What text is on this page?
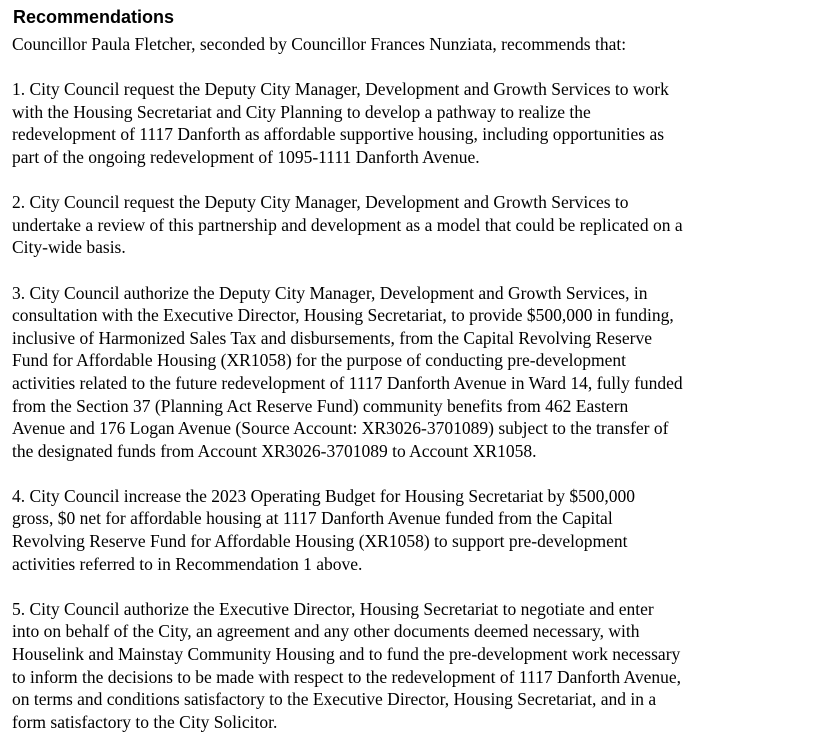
Recommendations

Councillor Paula Fletcher, seconded by Councillor Frances Nunziata, recommends that:

1. City Council request the Deputy City Manager, Development and Growth Services to work
with the Housing Secretariat and City Planning to develop a pathway to realize the
redevelopment of 1117 Danforth as affordable supportive housing, including opportunities as
part of the ongoing redevelopment of 1095-1111 Danforth Avenue.

2. City Council request the Deputy City Manager, Development and Growth Services to
undertake a review of this partnership and development as a model that could be replicated on a
City-wide basis.

3. City Council authorize the Deputy City Manager, Development and Growth Services, in
consultation with the Executive Director, Housing Secretariat, to provide $500,000 in funding,
inclusive of Harmonized Sales Tax and disbursements, from the Capital Revolving Reserve
Fund for Affordable Housing (XR1058) for the purpose of conducting pre-development
activities related to the future redevelopment of 1117 Danforth Avenue in Ward 14, fully funded
from the Section 37 (Planning Act Reserve Fund) community benefits from 462 Eastern
Avenue and 176 Logan Avenue (Source Account: XR3026-3701089) subject to the transfer of
the designated funds from Account XR3026-3701089 to Account XR1058.

4. City Council increase the 2023 Operating Budget for Housing Secretariat by $500,000
gross, $0 net for affordable housing at 1117 Danforth Avenue funded from the Capital
Revolving Reserve Fund for Affordable Housing (XR1058) to support pre-development
activities referred to in Recommendation 1 above.

5. City Council authorize the Executive Director, Housing Secretariat to negotiate and enter
into on behalf of the City, an agreement and any other documents deemed necessary, with
Houselink and Mainstay Community Housing and to fund the pre-development work necessary
to inform the decisions to be made with respect to the redevelopment of 1117 Danforth Avenue,
on terms and conditions satisfactory to the Executive Director, Housing Secretariat, and in a
form satisfactory to the City Solicitor.
